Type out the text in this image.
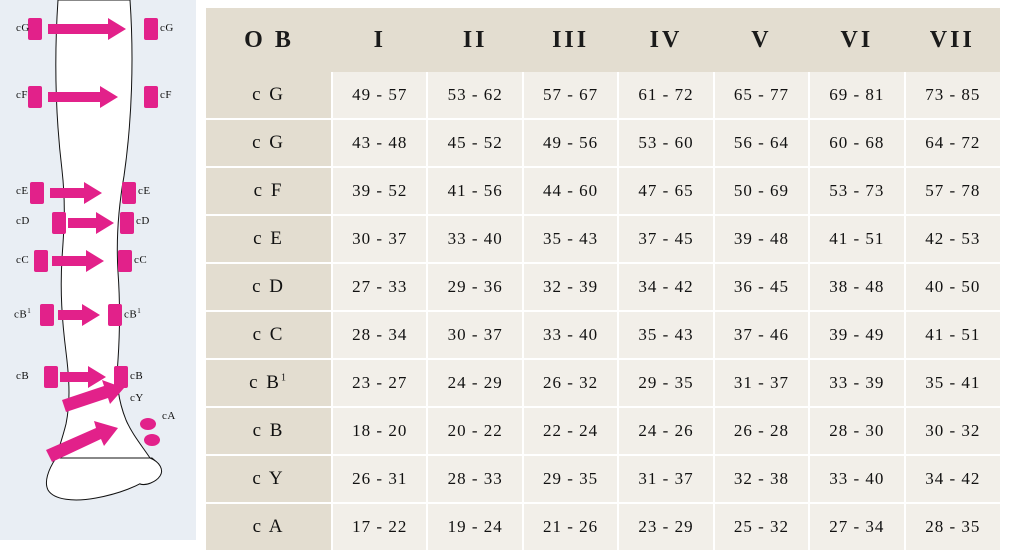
cG
cF
cE
cD
cC
$cB^1$
cB
cG
cF
cE
cD
cC
$cB^1$
cB
cY
cA
O B	I	II	III	IV	V	VI	VII
c G	49 - 57	53 - 62	57 - 67	61 - 72	65 - 77	69 - 81	73 - 85
c G	43 - 48	45 - 52	49 - 56	53 - 60	56 - 64	60 - 68	64 - 72
c F	39 - 52	41 - 56	44 - 60	47 - 65	50 - 69	53 - 73	57 - 78
c E	30 - 37	33 - 40	35 - 43	37 - 45	39 - 48	41 - 51	42 - 53
c D	27 - 33	29 - 36	32 - 39	34 - 42	36 - 45	38 - 48	40 - 50
c C	28 - 34	30 - 37	33 - 40	35 - 43	37 - 46	39 - 49	41 - 51
c $B^1$	23 - 27	24 - 29	26 - 32	29 - 35	31 - 37	33 - 39	35 - 41
c B	18 - 20	20 - 22	22 - 24	24 - 26	26 - 28	28 - 30	30 - 32
c Y	26 - 31	28 - 33	29 - 35	31 - 37	32 - 38	33 - 40	34 - 42
c A	17 - 22	19 - 24	21 - 26	23 - 29	25 - 32	27 - 34	28 - 35
